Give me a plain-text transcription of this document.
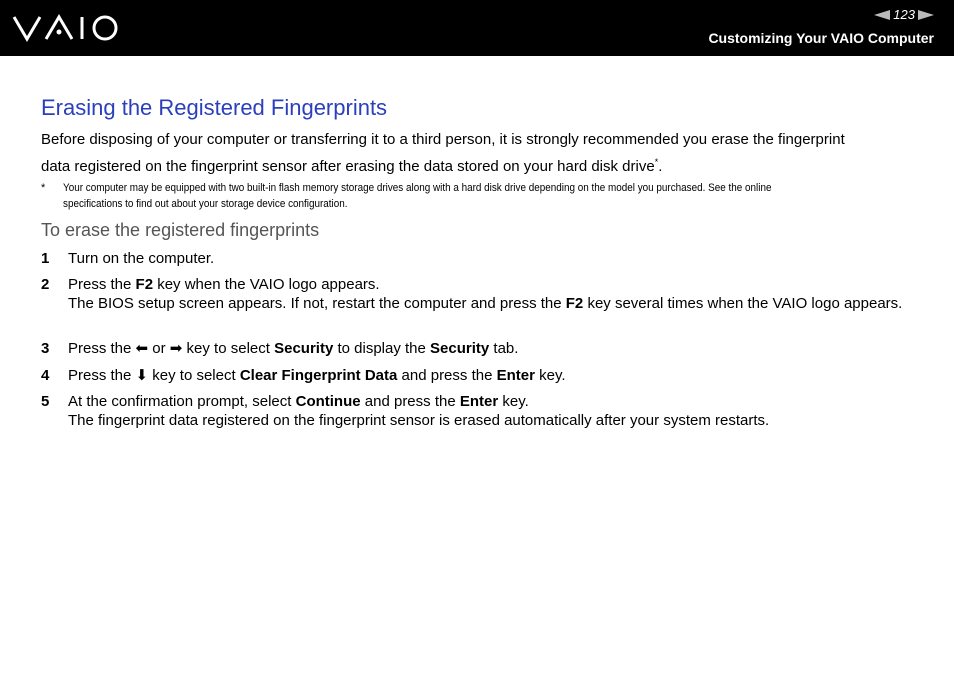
123
Customizing Your VAIO Computer
Erasing the Registered Fingerprints
Before disposing of your computer or transferring it to a third person, it is strongly recommended you erase the fingerprint
data registered on the fingerprint sensor after erasing the data stored on your hard disk drive*.
* Your computer may be equipped with two built-in flash memory storage drives along with a hard disk drive depending on the model you purchased. See the online specifications to find out about your storage device configuration.
To erase the registered fingerprints
1 Turn on the computer.
2 Press the F2 key when the VAIO logo appears.
The BIOS setup screen appears. If not, restart the computer and press the F2 key several times when the VAIO logo appears.
3 Press the ⬅ or ➡ key to select Security to display the Security tab.
4 Press the ⬇ key to select Clear Fingerprint Data and press the Enter key.
5 At the confirmation prompt, select Continue and press the Enter key.
The fingerprint data registered on the fingerprint sensor is erased automatically after your system restarts.
